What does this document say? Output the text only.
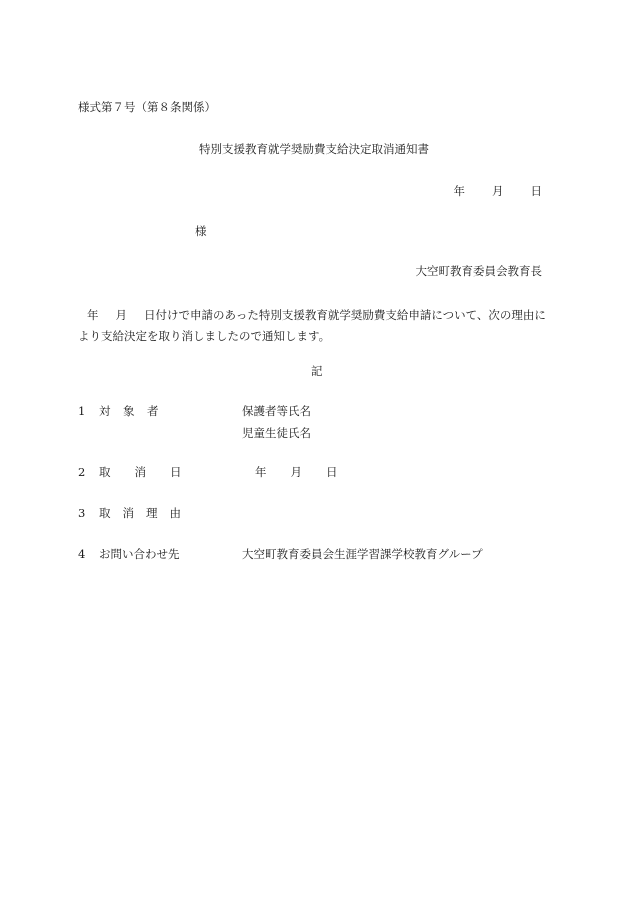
様式第７号（第８条関係）
特別支援教育就学奨励費支給決定取消通知書
年 月 日
様
大空町教育委員会教育長
年 月 日付けで申請のあった特別支援教育就学奨励費支給申請について、次の理由に
より支給決定を取り消しましたので通知します。
記
1 対 象 者	保護者等氏名
児童生徒氏名
2 取 消 日	年 月 日
3 取 消 理 由
4 お問い合わせ先	大空町教育委員会生涯学習課学校教育グループ
